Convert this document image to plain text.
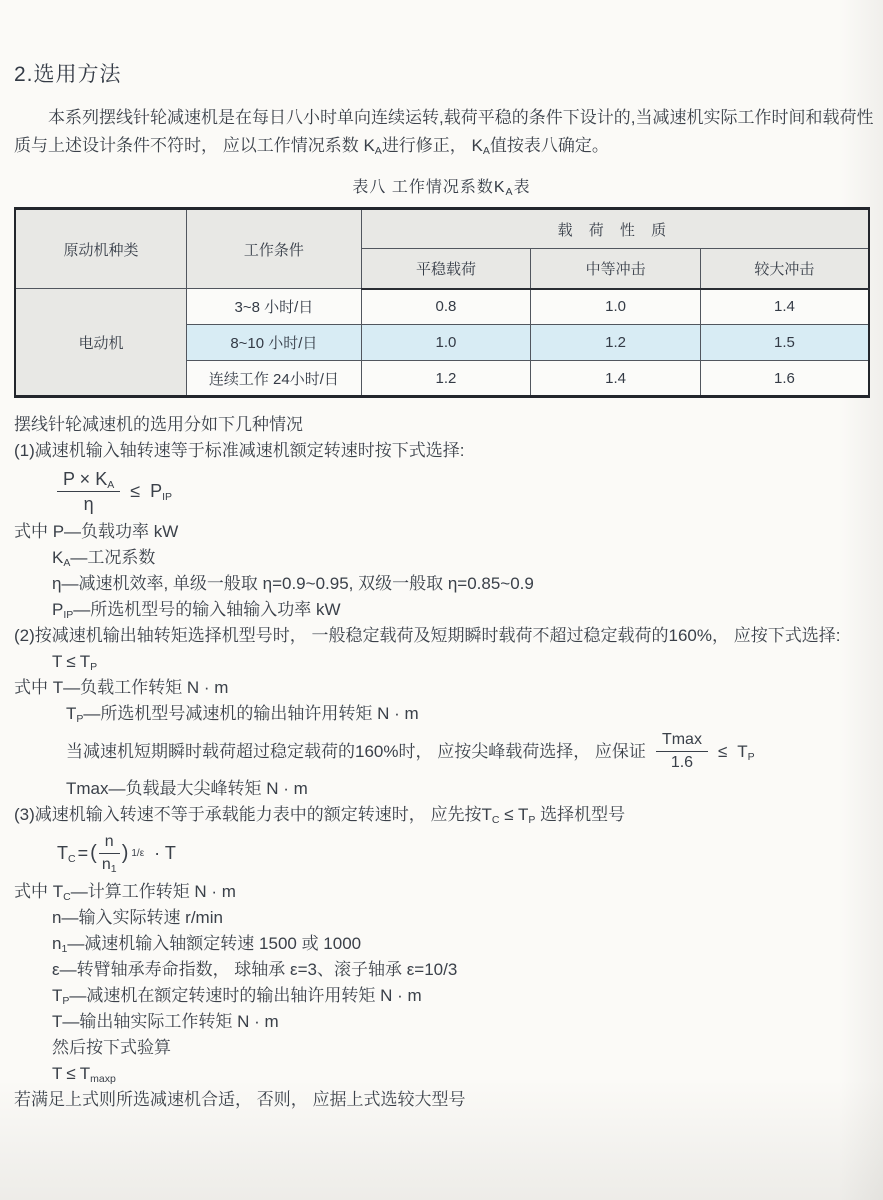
2.选用方法

本系列摆线针轮减速机是在每日八小时单向连续运转,载荷平稳的条件下设计的,当减速机实际工作时间和载荷性
质与上述设计条件不符时， 应以工作情况系数 $K_A$进行修正， $K_A$值按表八确定。

表八 工作情况系数$K_A$表
原动机种类	工作条件	载 荷 性 质		
		平稳载荷	中等冲击	较大冲击
电动机	3~8 小时/日	0.8	1.0	1.4
	8~10 小时/日	1.0	1.2	1.5
	连续工作 24小时/日	1.2	1.4	1.6
摆线针轮减速机的选用分如下几种情况
(1)减速机输入轴转速等于标准减速机额定转速时按下式选择:
$\frac{P \times K_A}{\eta} \le P_{IP}$
式中 P—负载功率 kW
$K_A—$工况系数
η—减速机效率, 单级一般取 η=0.9~0.95, 双级一般取 η=0.85~0.9
$P_{IP}—$所选机型号的输入轴输入功率 kW
(2)按减速机输出轴转矩选择机型号时， 一般稳定载荷及短期瞬时载荷不超过稳定载荷的160%， 应按下式选择:
$T \le T_P$
式中 T—负载工作转矩 N · m
$T_P—$所选机型号减速机的输出轴许用转矩 N · m
当减速机短期瞬时载荷超过稳定载荷的160%时， 应按尖峰载荷选择， 应保证 $\frac{Tmax}{1.6} \le T_P$
Tmax—负载最大尖峰转矩 N · m
(3)减速机输入转速不等于承载能力表中的额定转速时， 应先按$T_C \le T_P$ 选择机型号
$T_C$ = ( $\frac{n}{n_1}$ ) 1/ε · T
式中 $T_C—$计算工作转矩 N · m
n—输入实际转速 r/min
$n_1—$减速机输入轴额定转速 1500 或 1000
ε—转臂轴承寿命指数， 球轴承 ε=3、滚子轴承 ε=10/3
$T_P—$减速机在额定转速时的输出轴许用转矩 N · m
T—输出轴实际工作转矩 N · m
然后按下式验算
$T \le T_{maxp}$
若满足上式则所选减速机合适， 否则， 应据上式选较大型号
